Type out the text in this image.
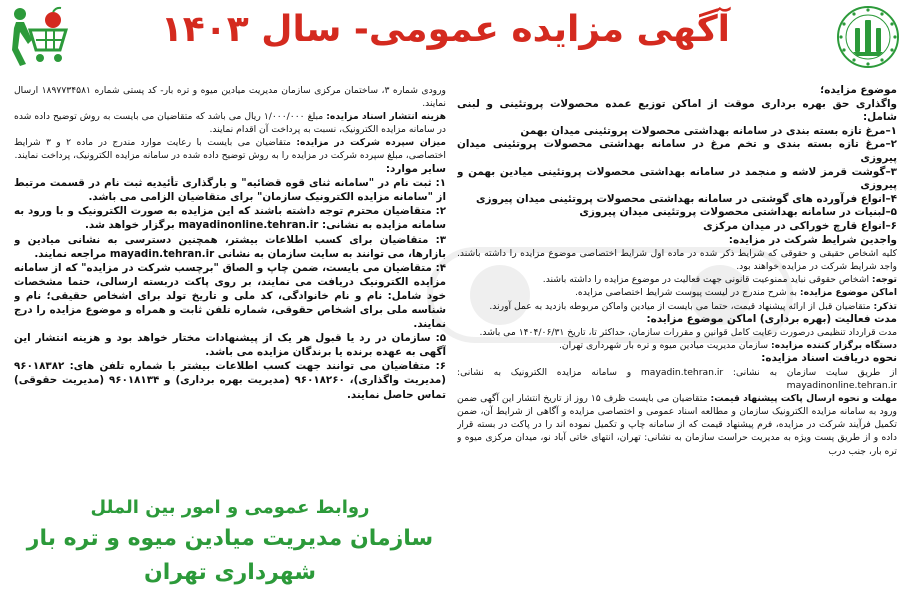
آگهی مزایده عمومی- سال ۱۴۰۳

موضوع مزایده؛

واگذاری حق بهره برداری موقت از اماکن توزیع عمده محصولات پروتئینی و لبنی شامل:

۱–مرغ تازه بسته بندی در سامانه بهداشتی محصولات پروتئینی میدان بهمن

۲–مرغ تازه بسته بندی و تخم مرغ در سامانه بهداشتی محصولات پروتئینی میدان پیروزی

۳–گوشت قرمز لاشه و منجمد در سامانه بهداشتی محصولات پروتئینی میادین بهمن و پیروزی

۴–انواع فرآورده های گوشتی در سامانه بهداشتی محصولات پروتئینی میدان پیروزی

۵–لبنیات در سامانه بهداشتی محصولات پروتئینی میدان پیروزی

۶–انواع قارچ خوراکی در میدان مرکزی

واجدین شرایط شرکت در مزایده:

کلیه اشخاص حقیقی و حقوقی که شرایط ذکر شده در ماده اول شرایط اختصاصی موضوع مزایده را داشته باشند. واجد شرایط شرکت در مزایده خواهند بود.

توجه: اشخاص حقوقی نباید ممنوعیت قانونی جهت فعالیت در موضوع مزایده را داشته باشند.

اماکن موضوع مزایده: به شرح مندرج در لیست پیوست شرایط اختصاصی مزایده.

تذکر: متقاضیان قبل از ارائه پیشنهاد قیمت، حتما می بایست از میادین واماکن مربوطه بازدید به عمل آورند.

مدت فعالیت (بهره برداری) اماکن موضوع مزایده:

مدت قرارداد تنظیمی درصورت رعایت کامل قوانین و مقررات سازمان، حداکثر تا، تاریخ ۱۴۰۴/۰۶/۳۱ می باشد.

دستگاه برگزار کننده مزایده: سازمان مدیریت میادین میوه و تره بار شهرداری تهران.

نحوه دریافت اسناد مزایده:

از طریق سایت سازمان به نشانی: mayadin.tehran.ir و سامانه مزایده الکترونیک به نشانی: mayadinonline.tehran.ir

مهلت و نحوه ارسال پاکت پیشنهاد قیمت: متقاضیان می بایست ظرف ۱۵ روز از تاریخ انتشار این آگهی ضمن ورود به سامانه مزایده الکترونیک سازمان و مطالعه اسناد عمومی و اختصاصی مزایده و آگاهی از شرایط آن، ضمن تکمیل فرآیند شرکت در مزایده، فرم پیشنهاد قیمت که از سامانه چاپ و تکمیل نموده اند را در پاکت در بسته قرار داده و از طریق پست ویژه به مدیریت حراست سازمان به نشانی: تهران، انتهای خاتی آباد نو، میدان مرکزی میوه و تره بار، جنب درب

ورودی شماره ۳، ساختمان مرکزی سازمان مدیریت میادین میوه و تره بار- کد پستی شماره ۱۸۹۷۷۳۴۵۸۱ ارسال نمایند.

هزینه انتشار اسناد مزایده: مبلغ ۱/۰۰۰/۰۰۰ ریال می باشد که متقاضیان می بایست به روش توضیح داده شده در سامانه مزایده الکترونیک، نسبت به پرداخت آن اقدام نمایند.

میزان سپرده شرکت در مزایده: متقاضیان می بایست با رعایت موارد مندرج در ماده ۲ و ۳ شرایط اختصاصی، مبلغ سپرده شرکت در مزایده را به روش توضیح داده شده در سامانه مزایده الکترونیک، پرداخت نمایند.

سایر موارد:

۱: ثبت نام در "سامانه ثنای قوه قضائیه" و بارگذاری تأئیدیه ثبت نام در قسمت مرتبط از "سامانه مزایده الکترونیک سازمان" برای متقاضیان الزامی می باشد.

۲: متقاضیان محترم توجه داشته باشند که این مزایده به صورت الکترونیک و با ورود به سامانه مزایده به نشانی: mayadinonline.tehran.ir برگزار خواهد شد.

۳: متقاضیان برای کسب اطلاعات بیشتر، همچنین دسترسی به نشانی میادین و بازارها، می توانند به سایت سازمان به نشانی mayadin.tehran.ir مراجعه نمایند.

۴: متقاضیان می بایست، ضمن چاپ و الصاق "برچسب شرکت در مزایده" که از سامانه مزایده الکترونیک دریافت می نمایند، بر روی پاکت دربسته ارسالی، حتما مشخصات خود شامل: نام و نام خانوادگی، کد ملی و تاریخ تولد برای اشخاص حقیقی؛ نام و شناسه ملی برای اشخاص حقوقی، شماره تلفن ثابت و همراه و موضوع مزایده را درج نمایند.

۵: سازمان در رد یا قبول هر یک از پیشنهادات مختار خواهد بود و هزینه انتشار این آگهی به عهده برنده یا برندگان مزایده می باشد.

۶: متقاضیان می توانند جهت کسب اطلاعات بیشتر با شماره تلفن های: ۹۶۰۱۸۳۸۲ (مدیریت واگذاری)، ۹۶۰۱۸۲۶۰ (مدیریت بهره برداری) و ۹۶۰۱۸۱۳۴ (مدیریت حقوقی) تماس حاصل نمایند.

روابط عمومی و امور بین الملل
سازمان مدیریت میادین میوه و تره بار شهرداری تهران
